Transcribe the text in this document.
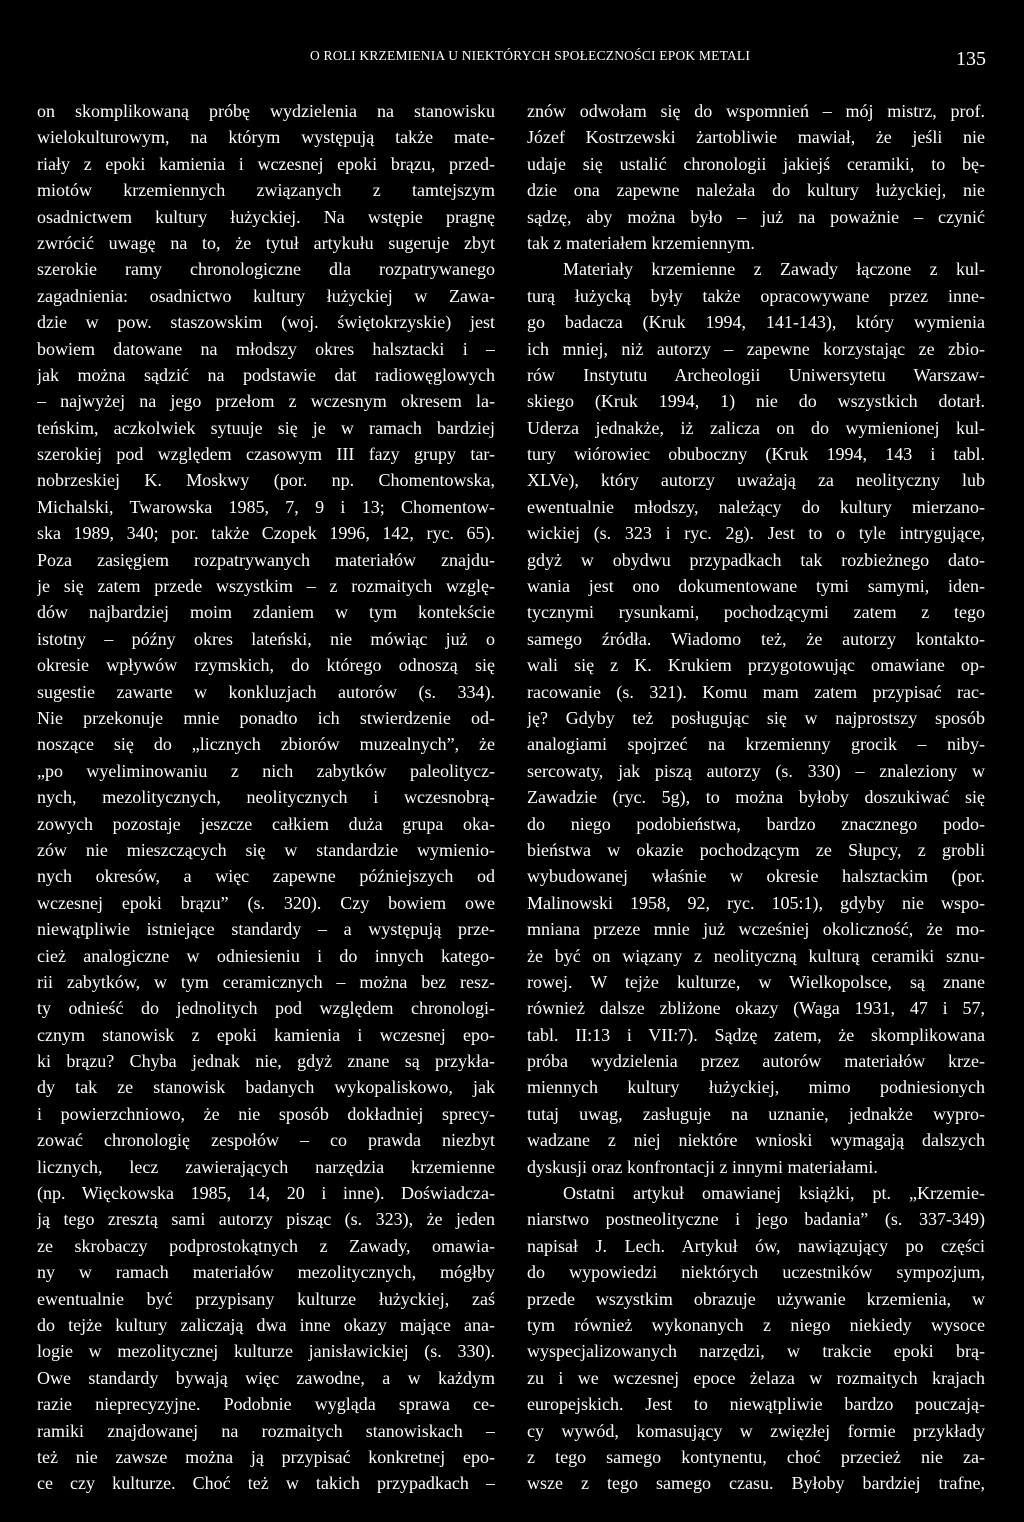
O ROLI KRZEMIENIA U NIEKTÓRYCH SPOŁECZNOŚCI EPOK METALI	135
on skomplikowaną próbę wydzielenia na stanowisku
wielokulturowym, na którym występują także mate-
riały z epoki kamienia i wczesnej epoki brązu, przed-
miotów krzemiennych związanych z tamtejszym
osadnictwem kultury łużyckiej. Na wstępie pragnę
zwrócić uwagę na to, że tytuł artykułu sugeruje zbyt
szerokie ramy chronologiczne dla rozpatrywanego
zagadnienia: osadnictwo kultury łużyckiej w Zawa-
dzie w pow. staszowskim (woj. świętokrzyskie) jest
bowiem datowane na młodszy okres halsztacki i –
jak można sądzić na podstawie dat radiowęglowych
– najwyżej na jego przełom z wczesnym okresem la-
teńskim, aczkolwiek sytuuje się je w ramach bardziej
szerokiej pod względem czasowym III fazy grupy tar-
nobrzeskiej K. Moskwy (por. np. Chomentowska,
Michalski, Twarowska 1985, 7, 9 i 13; Chomentow-
ska 1989, 340; por. także Czopek 1996, 142, ryc. 65).
Poza zasięgiem rozpatrywanych materiałów znajdu-
je się zatem przede wszystkim – z rozmaitych wzglę-
dów najbardziej moim zdaniem w tym kontekście
istotny – późny okres lateński, nie mówiąc już o
okresie wpływów rzymskich, do którego odnoszą się
sugestie zawarte w konkluzjach autorów (s. 334).
Nie przekonuje mnie ponadto ich stwierdzenie od-
noszące się do „licznych zbiorów muzealnych”, że
„po wyeliminowaniu z nich zabytków paleolitycz-
nych, mezolitycznych, neolitycznych i wczesnobrą-
zowych pozostaje jeszcze całkiem duża grupa oka-
zów nie mieszczących się w standardzie wymienio-
nych okresów, a więc zapewne późniejszych od
wczesnej epoki brązu” (s. 320). Czy bowiem owe
niewątpliwie istniejące standardy – a występują prze-
cież analogiczne w odniesieniu i do innych katego-
rii zabytków, w tym ceramicznych – można bez resz-
ty odnieść do jednolitych pod względem chronologi-
cznym stanowisk z epoki kamienia i wczesnej epo-
ki brązu? Chyba jednak nie, gdyż znane są przykła-
dy tak ze stanowisk badanych wykopaliskowo, jak
i powierzchniowo, że nie sposób dokładniej sprecy-
zować chronologię zespołów – co prawda niezbyt
licznych, lecz zawierających narzędzia krzemienne
(np. Więckowska 1985, 14, 20 i inne). Doświadcza-
ją tego zresztą sami autorzy pisząc (s. 323), że jeden
ze skrobaczy podprostokątnych z Zawady, omawia-
ny w ramach materiałów mezolitycznych, mógłby
ewentualnie być przypisany kulturze łużyckiej, zaś
do tejże kultury zaliczają dwa inne okazy mające ana-
logie w mezolitycznej kulturze janisławickiej (s. 330).
Owe standardy bywają więc zawodne, a w każdym
razie nieprecyzyjne. Podobnie wygląda sprawa ce-
ramiki znajdowanej na rozmaitych stanowiskach –
też nie zawsze można ją przypisać konkretnej epo-
ce czy kulturze. Choć też w takich przypadkach –
znów odwołam się do wspomnień – mój mistrz, prof.
Józef Kostrzewski żartobliwie mawiał, że jeśli nie
udaje się ustalić chronologii jakiejś ceramiki, to bę-
dzie ona zapewne należała do kultury łużyckiej, nie
sądzę, aby można było – już na poważnie – czynić
tak z materiałem krzemiennym.
Materiały krzemienne z Zawady łączone z kul-
turą łużycką były także opracowywane przez inne-
go badacza (Kruk 1994, 141-143), który wymienia
ich mniej, niż autorzy – zapewne korzystając ze zbio-
rów Instytutu Archeologii Uniwersytetu Warszaw-
skiego (Kruk 1994, 1) nie do wszystkich dotarł.
Uderza jednakże, iż zalicza on do wymienionej kul-
tury wiórowiec obuboczny (Kruk 1994, 143 i tabl.
XLVe), który autorzy uważają za neolityczny lub
ewentualnie młodszy, należący do kultury mierzano-
wickiej (s. 323 i ryc. 2g). Jest to o tyle intrygujące,
gdyż w obydwu przypadkach tak rozbieżnego dato-
wania jest ono dokumentowane tymi samymi, iden-
tycznymi rysunkami, pochodzącymi zatem z tego
samego źródła. Wiadomo też, że autorzy kontakto-
wali się z K. Krukiem przygotowując omawiane op-
racowanie (s. 321). Komu mam zatem przypisać rac-
ję? Gdyby też posługując się w najprostszy sposób
analogiami spojrzeć na krzemienny grocik – niby-
sercowaty, jak piszą autorzy (s. 330) – znaleziony w
Zawadzie (ryc. 5g), to można byłoby doszukiwać się
do niego podobieństwa, bardzo znacznego podo-
bieństwa w okazie pochodzącym ze Słupcy, z grobli
wybudowanej właśnie w okresie halsztackim (por.
Malinowski 1958, 92, ryc. 105:1), gdyby nie wspo-
mniana przeze mnie już wcześniej okoliczność, że mo-
że być on wiązany z neolityczną kulturą ceramiki sznu-
rowej. W tejże kulturze, w Wielkopolsce, są znane
również dalsze zbliżone okazy (Waga 1931, 47 i 57,
tabl. II:13 i VII:7). Sądzę zatem, że skomplikowana
próba wydzielenia przez autorów materiałów krze-
miennych kultury łużyckiej, mimo podniesionych
tutaj uwag, zasługuje na uznanie, jednakże wypro-
wadzane z niej niektóre wnioski wymagają dalszych
dyskusji oraz konfrontacji z innymi materiałami.
Ostatni artykuł omawianej książki, pt. „Krzemie-
niarstwo postneolityczne i jego badania” (s. 337-349)
napisał J. Lech. Artykuł ów, nawiązujący po części
do wypowiedzi niektórych uczestników sympozjum,
przede wszystkim obrazuje używanie krzemienia, w
tym również wykonanych z niego niekiedy wysoce
wyspecjalizowanych narzędzi, w trakcie epoki brą-
zu i we wczesnej epoce żelaza w rozmaitych krajach
europejskich. Jest to niewątpliwie bardzo pouczają-
cy wywód, komasujący w zwięzłej formie przykłady
z tego samego kontynentu, choć przecież nie za-
wsze z tego samego czasu. Byłoby bardziej trafne,
